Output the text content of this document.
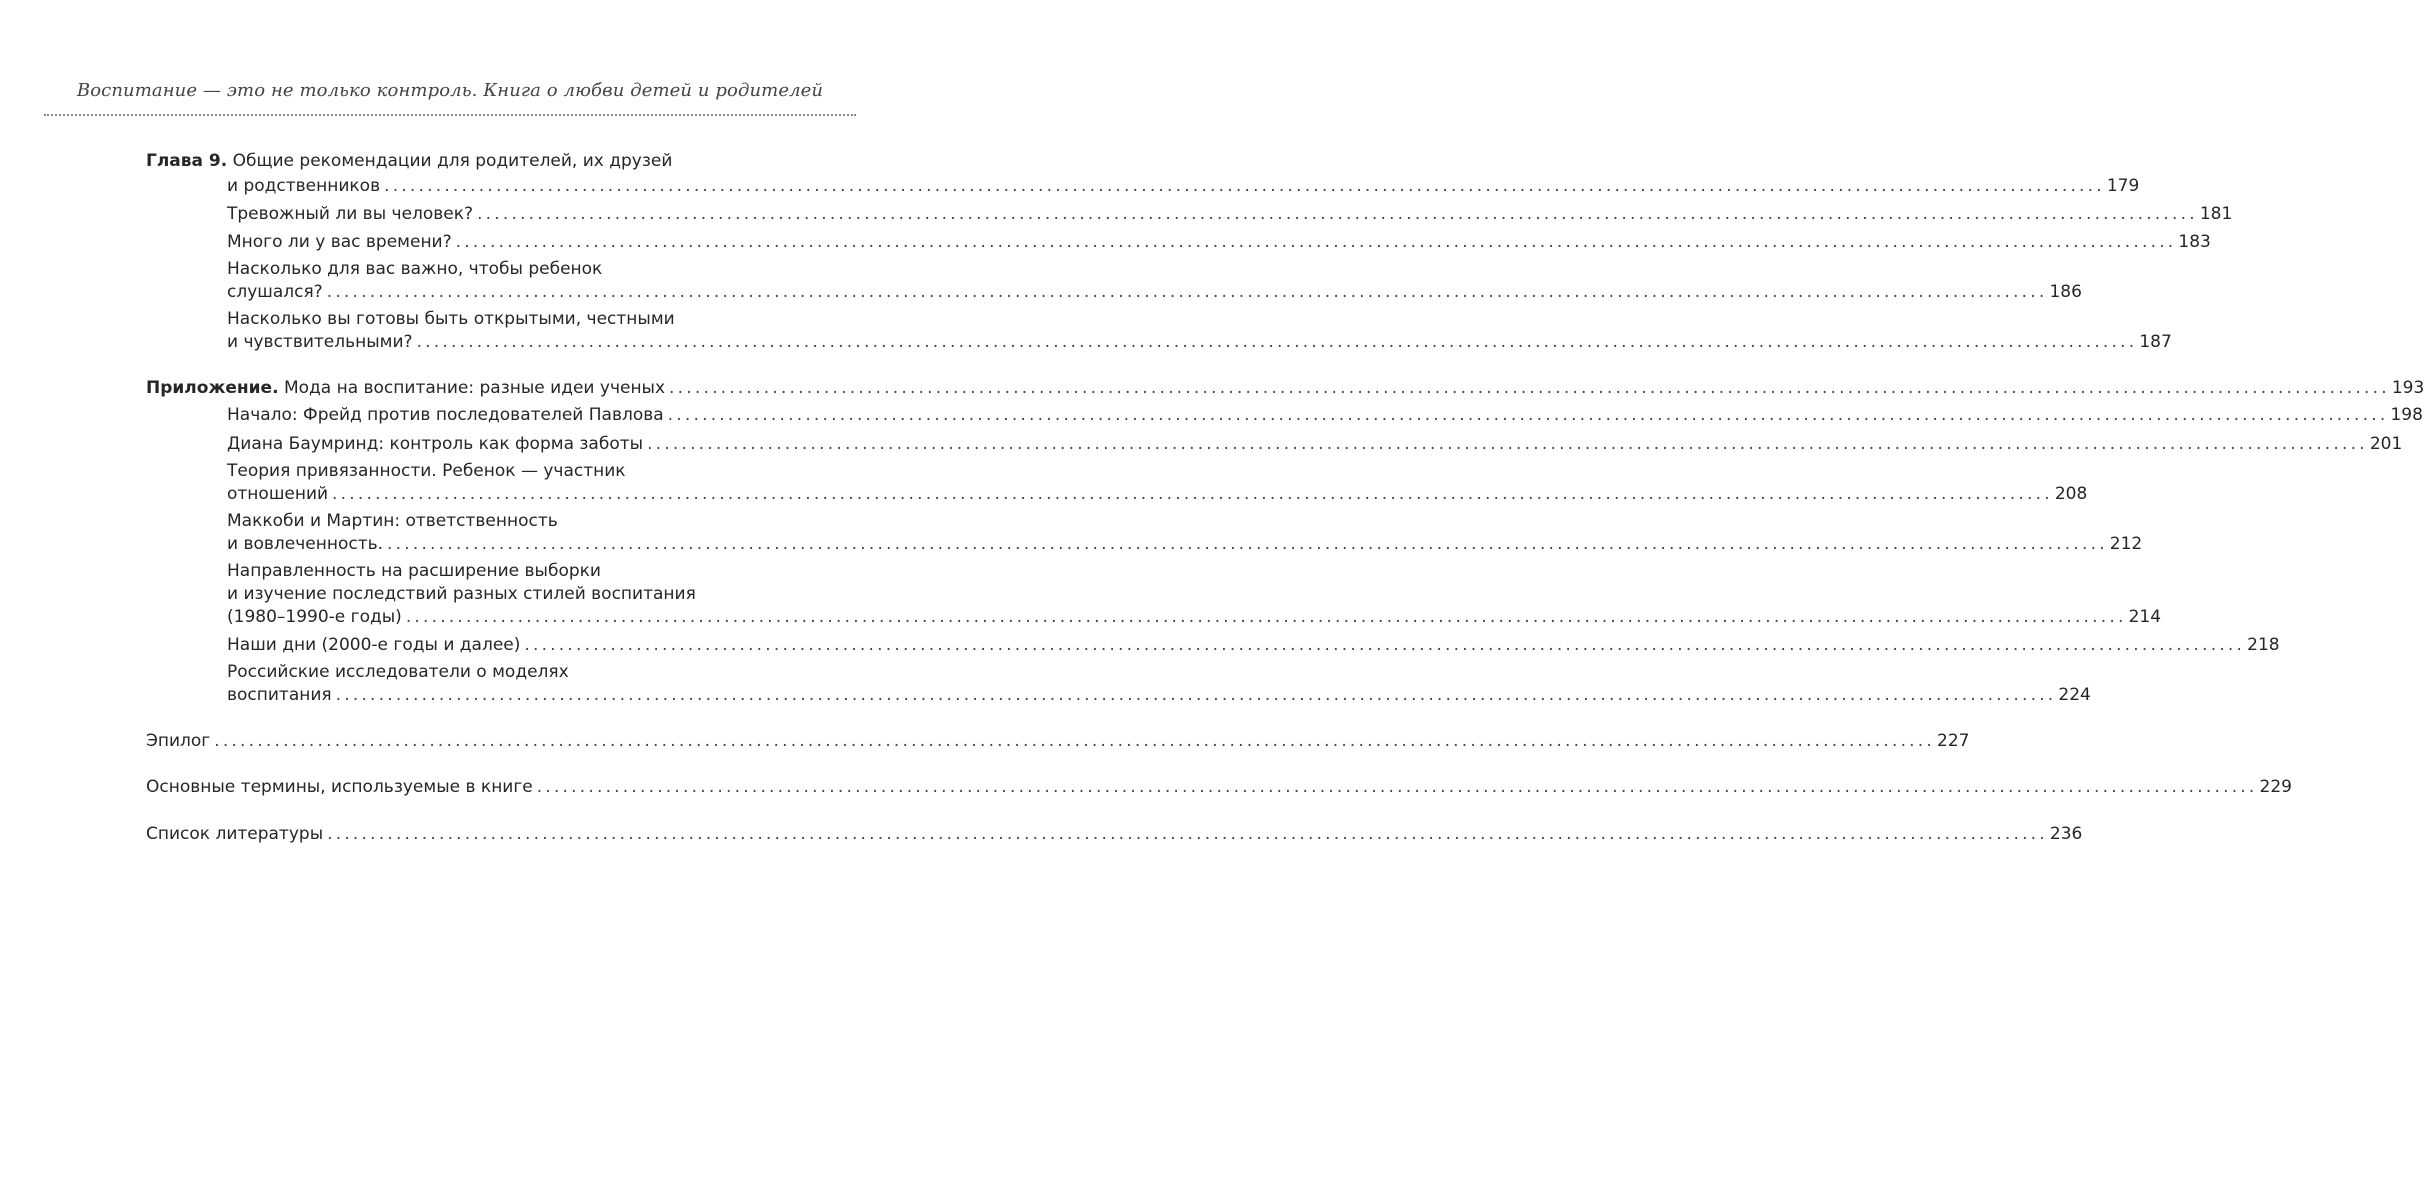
Воспитание — это не только контроль. Книга о любви детей и родителей
Глава 9. Общие рекомендации для родителей, их друзей
и родственников ........................................................................................................................................................................................................ 179
Тревожный ли вы человек? ........................................................................................................................................................................................................ 181
Много ли у вас времени? ........................................................................................................................................................................................................ 183
Насколько для вас важно, чтобы ребенок
слушался? ........................................................................................................................................................................................................ 186
Насколько вы готовы быть открытыми, честными
и чувствительными? ........................................................................................................................................................................................................ 187
Приложение. Мода на воспитание: разные идеи ученых ........................................................................................................................................................................................................ 193
Начало: Фрейд против последователей Павлова ........................................................................................................................................................................................................ 198
Диана Баумринд: контроль как форма заботы ........................................................................................................................................................................................................ 201
Теория привязанности. Ребенок — участник
отношений ........................................................................................................................................................................................................ 208
Маккоби и Мартин: ответственность
и вовлеченность. ........................................................................................................................................................................................................ 212
Направленность на расширение выборки
и изучение последствий разных стилей воспитания
(1980–1990-е годы) ........................................................................................................................................................................................................ 214
Наши дни (2000-е годы и далее) ........................................................................................................................................................................................................ 218
Российские исследователи о моделях
воспитания ........................................................................................................................................................................................................ 224
Эпилог ........................................................................................................................................................................................................ 227
Основные термины, используемые в книге ........................................................................................................................................................................................................ 229
Список литературы ........................................................................................................................................................................................................ 236
